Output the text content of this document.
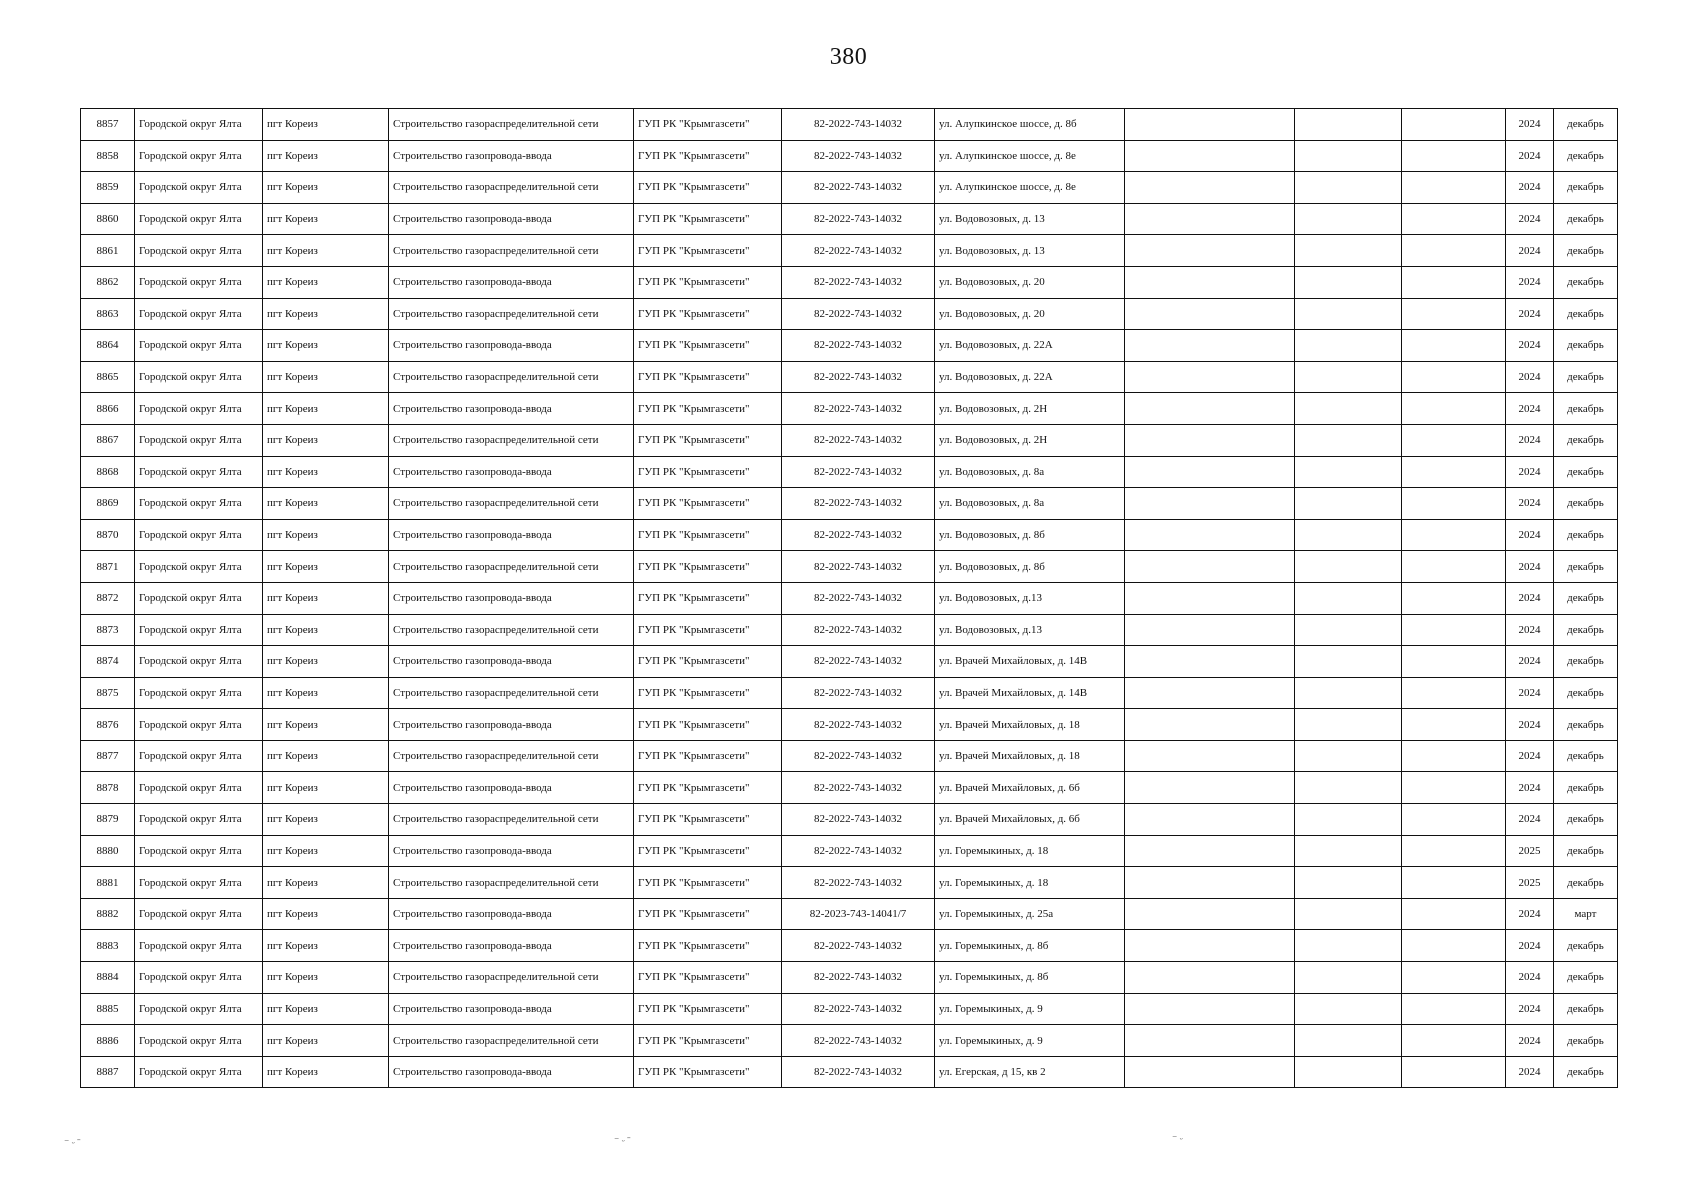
380
8857	Городской округ Ялта	пгт Кореиз	Строительство газораспределительной сети	ГУП РК "Крымгазсети"	82-2022-743-14032	ул. Алупкинское шоссе, д. 8б				2024	декабрь
8858	Городской округ Ялта	пгт Кореиз	Строительство газопровода-ввода	ГУП РК "Крымгазсети"	82-2022-743-14032	ул. Алупкинское шоссе, д. 8е				2024	декабрь
8859	Городской округ Ялта	пгт Кореиз	Строительство газораспределительной сети	ГУП РК "Крымгазсети"	82-2022-743-14032	ул. Алупкинское шоссе, д. 8е				2024	декабрь
8860	Городской округ Ялта	пгт Кореиз	Строительство газопровода-ввода	ГУП РК "Крымгазсети"	82-2022-743-14032	ул. Водовозовых, д. 13				2024	декабрь
8861	Городской округ Ялта	пгт Кореиз	Строительство газораспределительной сети	ГУП РК "Крымгазсети"	82-2022-743-14032	ул. Водовозовых, д. 13				2024	декабрь
8862	Городской округ Ялта	пгт Кореиз	Строительство газопровода-ввода	ГУП РК "Крымгазсети"	82-2022-743-14032	ул. Водовозовых, д. 20				2024	декабрь
8863	Городской округ Ялта	пгт Кореиз	Строительство газораспределительной сети	ГУП РК "Крымгазсети"	82-2022-743-14032	ул. Водовозовых, д. 20				2024	декабрь
8864	Городской округ Ялта	пгт Кореиз	Строительство газопровода-ввода	ГУП РК "Крымгазсети"	82-2022-743-14032	ул. Водовозовых, д. 22А				2024	декабрь
8865	Городской округ Ялта	пгт Кореиз	Строительство газораспределительной сети	ГУП РК "Крымгазсети"	82-2022-743-14032	ул. Водовозовых, д. 22А				2024	декабрь
8866	Городской округ Ялта	пгт Кореиз	Строительство газопровода-ввода	ГУП РК "Крымгазсети"	82-2022-743-14032	ул. Водовозовых, д. 2Н				2024	декабрь
8867	Городской округ Ялта	пгт Кореиз	Строительство газораспределительной сети	ГУП РК "Крымгазсети"	82-2022-743-14032	ул. Водовозовых, д. 2Н				2024	декабрь
8868	Городской округ Ялта	пгт Кореиз	Строительство газопровода-ввода	ГУП РК "Крымгазсети"	82-2022-743-14032	ул. Водовозовых, д. 8а				2024	декабрь
8869	Городской округ Ялта	пгт Кореиз	Строительство газораспределительной сети	ГУП РК "Крымгазсети"	82-2022-743-14032	ул. Водовозовых, д. 8а				2024	декабрь
8870	Городской округ Ялта	пгт Кореиз	Строительство газопровода-ввода	ГУП РК "Крымгазсети"	82-2022-743-14032	ул. Водовозовых, д. 8б				2024	декабрь
8871	Городской округ Ялта	пгт Кореиз	Строительство газораспределительной сети	ГУП РК "Крымгазсети"	82-2022-743-14032	ул. Водовозовых, д. 8б				2024	декабрь
8872	Городской округ Ялта	пгт Кореиз	Строительство газопровода-ввода	ГУП РК "Крымгазсети"	82-2022-743-14032	ул. Водовозовых, д.13				2024	декабрь
8873	Городской округ Ялта	пгт Кореиз	Строительство газораспределительной сети	ГУП РК "Крымгазсети"	82-2022-743-14032	ул. Водовозовых, д.13				2024	декабрь
8874	Городской округ Ялта	пгт Кореиз	Строительство газопровода-ввода	ГУП РК "Крымгазсети"	82-2022-743-14032	ул. Врачей Михайловых, д. 14В				2024	декабрь
8875	Городской округ Ялта	пгт Кореиз	Строительство газораспределительной сети	ГУП РК "Крымгазсети"	82-2022-743-14032	ул. Врачей Михайловых, д. 14В				2024	декабрь
8876	Городской округ Ялта	пгт Кореиз	Строительство газопровода-ввода	ГУП РК "Крымгазсети"	82-2022-743-14032	ул. Врачей Михайловых, д. 18				2024	декабрь
8877	Городской округ Ялта	пгт Кореиз	Строительство газораспределительной сети	ГУП РК "Крымгазсети"	82-2022-743-14032	ул. Врачей Михайловых, д. 18				2024	декабрь
8878	Городской округ Ялта	пгт Кореиз	Строительство газопровода-ввода	ГУП РК "Крымгазсети"	82-2022-743-14032	ул. Врачей Михайловых, д. 6б				2024	декабрь
8879	Городской округ Ялта	пгт Кореиз	Строительство газораспределительной сети	ГУП РК "Крымгазсети"	82-2022-743-14032	ул. Врачей Михайловых, д. 6б				2024	декабрь
8880	Городской округ Ялта	пгт Кореиз	Строительство газопровода-ввода	ГУП РК "Крымгазсети"	82-2022-743-14032	ул. Горемыкиных, д. 18				2025	декабрь
8881	Городской округ Ялта	пгт Кореиз	Строительство газораспределительной сети	ГУП РК "Крымгазсети"	82-2022-743-14032	ул. Горемыкиных, д. 18				2025	декабрь
8882	Городской округ Ялта	пгт Кореиз	Строительство газопровода-ввода	ГУП РК "Крымгазсети"	82-2023-743-14041/7	ул. Горемыкиных, д. 25а				2024	март
8883	Городской округ Ялта	пгт Кореиз	Строительство газопровода-ввода	ГУП РК "Крымгазсети"	82-2022-743-14032	ул. Горемыкиных, д. 8б				2024	декабрь
8884	Городской округ Ялта	пгт Кореиз	Строительство газораспределительной сети	ГУП РК "Крымгазсети"	82-2022-743-14032	ул. Горемыкиных, д. 8б				2024	декабрь
8885	Городской округ Ялта	пгт Кореиз	Строительство газопровода-ввода	ГУП РК "Крымгазсети"	82-2022-743-14032	ул. Горемыкиных, д. 9				2024	декабрь
8886	Городской округ Ялта	пгт Кореиз	Строительство газораспределительной сети	ГУП РК "Крымгазсети"	82-2022-743-14032	ул. Горемыкиных, д. 9				2024	декабрь
8887	Городской округ Ялта	пгт Кореиз	Строительство газопровода-ввода	ГУП РК "Крымгазсети"	82-2022-743-14032	ул. Егерская, д 15, кв 2				2024	декабрь
⁻ ᵕ ˉ	⁻ ᵕ ˉ	⁻ ᵕ
